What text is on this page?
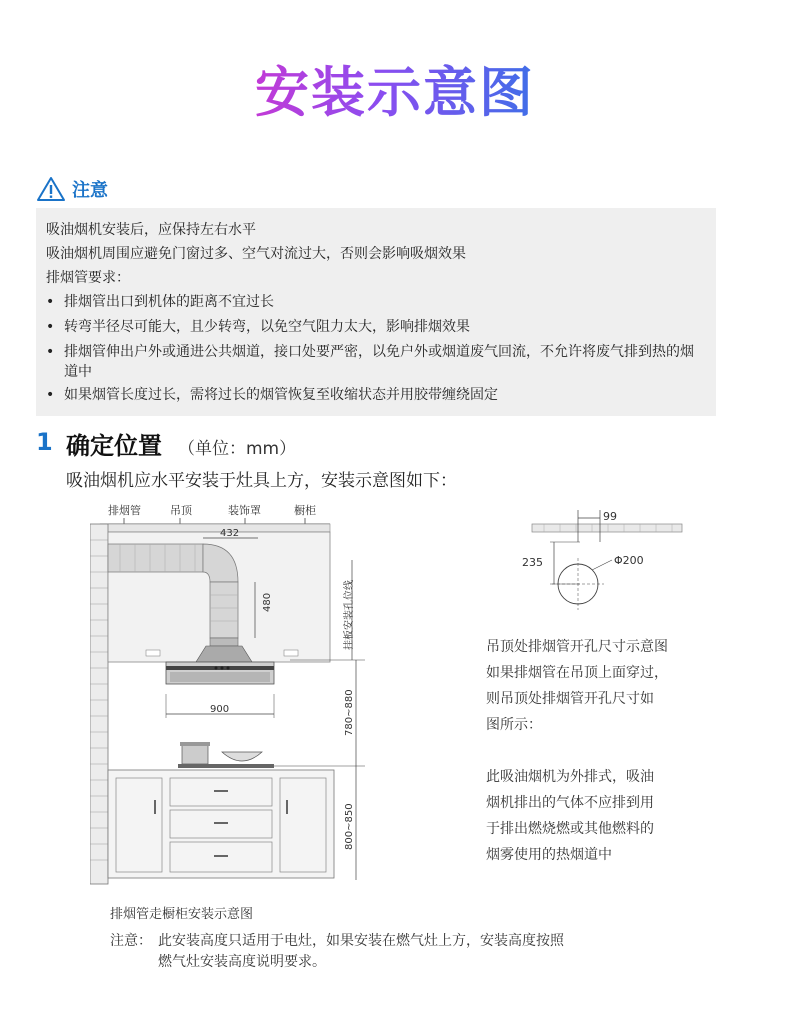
安装示意图
注意
吸油烟机安装后，应保持左右水平
吸油烟机周围应避免门窗过多、空气对流过大，否则会影响吸烟效果
排烟管要求：
• 排烟管出口到机体的距离不宜过长
• 转弯半径尽可能大，且少转弯，以免空气阻力太大，影响排烟效果
• 排烟管伸出户外或通进公共烟道，接口处要严密，以免户外或烟道废气回流，不允许将废气排到热的烟道中
• 如果烟管长度过长，需将过长的烟管恢复至收缩状态并用胶带缠绕固定
1 确定位置 （单位：mm）
吸油烟机应水平安装于灶具上方，安装示意图如下：
排烟管	吊顶	装饰罩	橱柜
432
480
900
挂板安装孔位线
780~880
800~850
排烟管走橱柜安装示意图
99
235	Φ200
吊顶处排烟管开孔尺寸示意图
如果排烟管在吊顶上面穿过，
则吊顶处排烟管开孔尺寸如
图所示：
此吸油烟机为外排式，吸油
烟机排出的气体不应排到用
于排出燃烧燃或其他燃料的
烟雾使用的热烟道中
注意： 此安装高度只适用于电灶，如果安装在燃气灶上方，安装高度按照
燃气灶安装高度说明要求。
